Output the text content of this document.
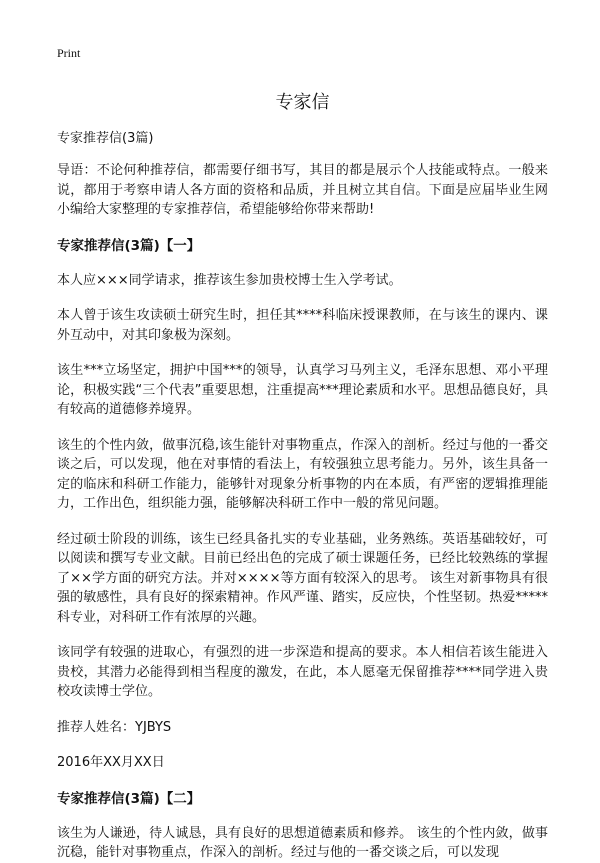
Print
专家信
专家推荐信(3篇)

导语：不论何种推荐信，都需要仔细书写，其目的都是展示个人技能或特点。一般来说，都用于考察申请人各方面的资格和品质，并且树立其自信。下面是应届毕业生网小编给大家整理的专家推荐信，希望能够给你带来帮助!

专家推荐信(3篇)【一】

本人应×××同学请求，推荐该生参加贵校博士生入学考试。

本人曾于该生攻读硕士研究生时，担任其****科临床授课教师，在与该生的课内、课外互动中，对其印象极为深刻。

该生***立场坚定，拥护中国***的领导，认真学习马列主义，毛泽东思想、邓小平理论，积极实践“三个代表”重要思想，注重提高***理论素质和水平。思想品德良好，具有较高的道德修养境界。

该生的个性内敛，做事沉稳,该生能针对事物重点，作深入的剖析。经过与他的一番交谈之后，可以发现，他在对事情的看法上，有较强独立思考能力。另外，该生具备一定的临床和科研工作能力，能够针对现象分析事物的内在本质，有严密的逻辑推理能力，工作出色，组织能力强，能够解决科研工作中一般的常见问题。

经过硕士阶段的训练，该生已经具备扎实的专业基础，业务熟练。英语基础较好，可以阅读和撰写专业文献。目前已经出色的完成了硕士课题任务，已经比较熟练的掌握了××学方面的研究方法。并对××××等方面有较深入的思考。 该生对新事物具有很强的敏感性，具有良好的探索精神。作风严谨、踏实，反应快，个性坚韧。热爱*****科专业，对科研工作有浓厚的兴趣。

该同学有较强的进取心，有强烈的进一步深造和提高的要求。本人相信若该生能进入贵校，其潜力必能得到相当程度的激发，在此，本人愿毫无保留推荐****同学进入贵校攻读博士学位。

推荐人姓名：YJBYS

2016年XX月XX日

专家推荐信(3篇)【二】

该生为人谦逊，待人诚恳，具有良好的思想道德素质和修养。 该生的个性内敛，做事沉稳，能针对事物重点，作深入的剖析。经过与他的一番交谈之后，可以发现
